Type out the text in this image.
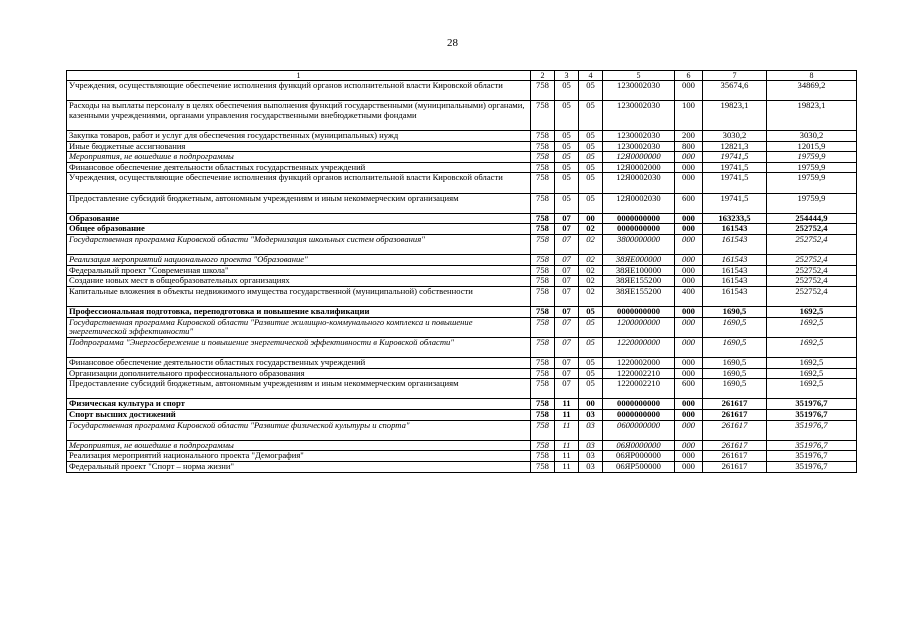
28
1	2	3	4	5	6	7	8
Учреждения, осуществляющие обеспечение исполнения функций органов исполнительной власти Кировской области	758	05	05	1230002030	000	35674,6	34869,2
Расходы на выплаты персоналу в целях обеспечения выполнения функций государственными (муниципальными) органами, казенными учреждениями, органами управления государственными внебюджетными фондами	758	05	05	1230002030	100	19823,1	19823,1
Закупка товаров, работ и услуг для обеспечения государственных (муниципальных) нужд	758	05	05	1230002030	200	3030,2	3030,2
Иные бюджетные ассигнования	758	05	05	1230002030	800	12821,3	12015,9
Мероприятия, не вошедшие в подпрограммы	758	05	05	12Я0000000	000	19741,5	19759,9
Финансовое обеспечение деятельности областных государственных учреждений	758	05	05	12Я0002000	000	19741,5	19759,9
Учреждения, осуществляющие обеспечение исполнения функций органов исполнительной власти Кировской области	758	05	05	12Я0002030	000	19741,5	19759,9
Предоставление субсидий бюджетным, автономным учреждениям и иным некоммерческим организациям	758	05	05	12Я0002030	600	19741,5	19759,9
Образование	758	07	00	0000000000	000	163233,5	254444,9
Общее образование	758	07	02	0000000000	000	161543	252752,4
Государственная программа Кировской области "Модернизация школьных систем образования"	758	07	02	3800000000	000	161543	252752,4
Реализация мероприятий национального проекта "Образование"	758	07	02	38ЯЕ000000	000	161543	252752,4
Федеральный проект "Современная школа"	758	07	02	38ЯЕ100000	000	161543	252752,4
Создание новых мест в общеобразовательных организациях	758	07	02	38ЯЕ155200	000	161543	252752,4
Капитальные вложения в объекты недвижимого имущества государственной (муниципальной) собственности	758	07	02	38ЯЕ155200	400	161543	252752,4
Профессиональная подготовка, переподготовка и повышение квалификации	758	07	05	0000000000	000	1690,5	1692,5
Государственная программа Кировской области "Развитие жилищно-коммунального комплекса и повышение энергетической эффективности"	758	07	05	1200000000	000	1690,5	1692,5
Подпрограмма "Энергосбережение и повышение энергетической эффективности в Кировской области"	758	07	05	1220000000	000	1690,5	1692,5
Финансовое обеспечение деятельности областных государственных учреждений	758	07	05	1220002000	000	1690,5	1692,5
Организации дополнительного профессионального образования	758	07	05	1220002210	000	1690,5	1692,5
Предоставление субсидий бюджетным, автономным учреждениям и иным некоммерческим организациям	758	07	05	1220002210	600	1690,5	1692,5
Физическая культура и спорт	758	11	00	0000000000	000	261617	351976,7
Спорт высших достижений	758	11	03	0000000000	000	261617	351976,7
Государственная программа Кировской области "Развитие физической культуры и спорта"	758	11	03	0600000000	000	261617	351976,7
Мероприятия, не вошедшие в подпрограммы	758	11	03	06Я0000000	000	261617	351976,7
Реализация мероприятий национального проекта "Демография"	758	11	03	06ЯР000000	000	261617	351976,7
Федеральный проект "Спорт – норма жизни"	758	11	03	06ЯР500000	000	261617	351976,7
